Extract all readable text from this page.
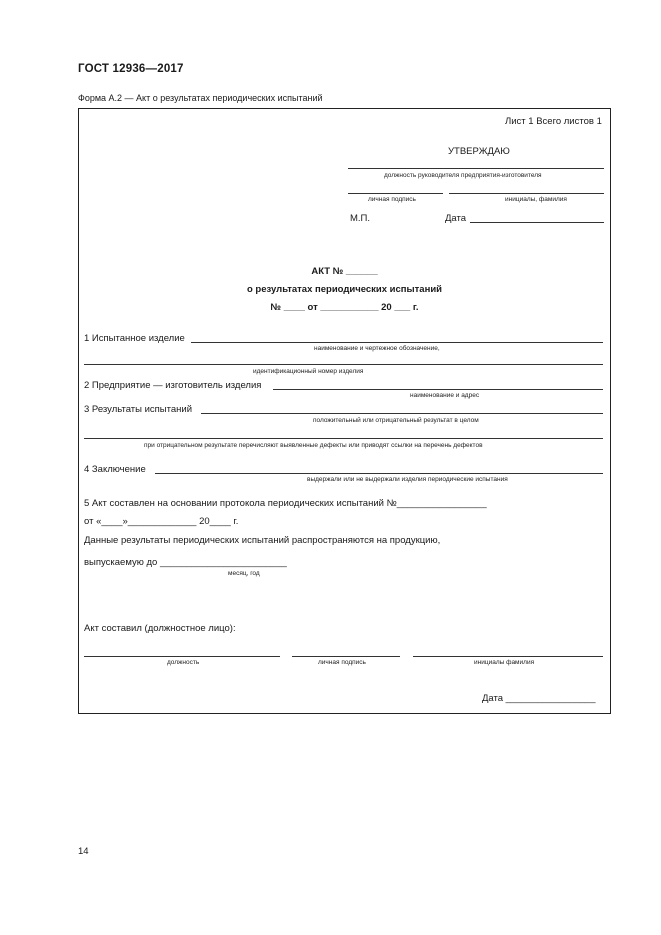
ГОСТ 12936—2017
Форма А.2 — Акт о результатах периодических испытаний
Лист 1 Всего листов 1
УТВЕРЖДАЮ
должность руководителя предприятия-изготовителя
личная подпись	инициалы, фамилия
М.П.	Дата
АКТ № ______
о результатах периодических испытаний
№ ____ от ___________ 20 ___ г.
1 Испытанное изделие
наименование и чертежное обозначение,
идентификационный номер изделия
2 Предприятие — изготовитель изделия
наименование и адрес
3 Результаты испытаний
положительный или отрицательный результат в целом
при отрицательном результате перечисляют выявленные дефекты или приводят ссылки на перечень дефектов
4 Заключение
выдержали или не выдержали изделия периодические испытания
5 Акт составлен на основании протокола периодических испытаний №_________________
от «____»_____________ 20____ г.
Данные результаты периодических испытаний распространяются на продукцию,
выпускаемую до ________________________
месяц, год
Акт составил (должностное лицо):
должность	личная подпись	инициалы фамилия
Дата _________________
14
